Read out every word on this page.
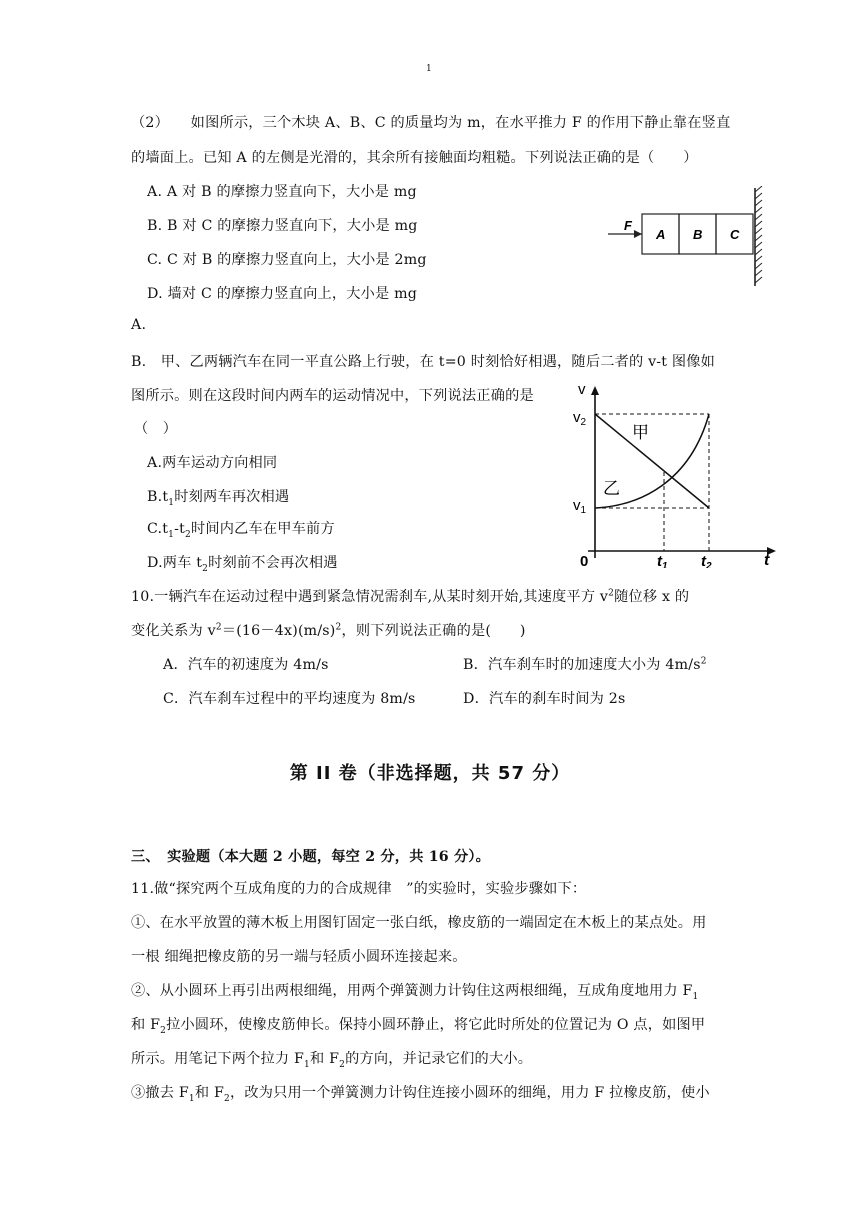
1
（2）　　如图所示，三个木块 A、B、C 的质量均为 m，在水平推力 F 的作用下静止靠在竖直
的墙面上。已知 A 的左侧是光滑的，其余所有接触面均粗糙。下列说法正确的是（　　）
A. A 对 B 的摩擦力竖直向下，大小是 mg
B. B 对 C 的摩擦力竖直向下，大小是 mg
C. C 对 B 的摩擦力竖直向上，大小是 2mg
D. 墙对 C 的摩擦力竖直向上，大小是 mg
A.
F
A B C
B.　甲、乙两辆汽车在同一平直公路上行驶，在 t=0 时刻恰好相遇，随后二者的 v-t 图像如
图所示。则在这段时间内两车的运动情况中，下列说法正确的是
（　）
A.两车运动方向相同
$B.t_1$时刻两车再次相遇
$C.t_1-t_2$时间内乙车在甲车前方
D.两车 $t_2$时刻前不会再次相遇
v
t
0
$v_2$
$v_1$
$t_1$ $t_2$
甲
乙
10.一辆汽车在运动过程中遇到紧急情况需刹车,从某时刻开始,其速度平方 $v^2$随位移 x 的
变化关系为 $v^2=(16-4x)(m/s)^2$，则下列说法正确的是(　　)
A．汽车的初速度为 4m/s	B．汽车刹车时的加速度大小为 $4m/s^2$
C．汽车刹车过程中的平均速度为 8m/s	D．汽车的刹车时间为 2s
第 II 卷（非选择题，共 57 分）
三、　实验题（本大题 2 小题，每空 2 分，共 16 分）。
11.做“探究两个互成角度的力的合成规律　”的实验时，实验步骤如下：
①、在水平放置的薄木板上用图钉固定一张白纸，橡皮筋的一端固定在木板上的某点处。用
一根 细绳把橡皮筋的另一端与轻质小圆环连接起来。
②、从小圆环上再引出两根细绳，用两个弹簧测力计钩住这两根细绳，互成角度地用力 $F_1$
和 $F_2$拉小圆环，使橡皮筋伸长。保持小圆环静止，将它此时所处的位置记为 O 点，如图甲
所示。用笔记下两个拉力 $F_1$和 $F_2$的方向，并记录它们的大小。
③撤去 $F_1$和 $F_2$，改为只用一个弹簧测力计钩住连接小圆环的细绳，用力 F 拉橡皮筋，使小
